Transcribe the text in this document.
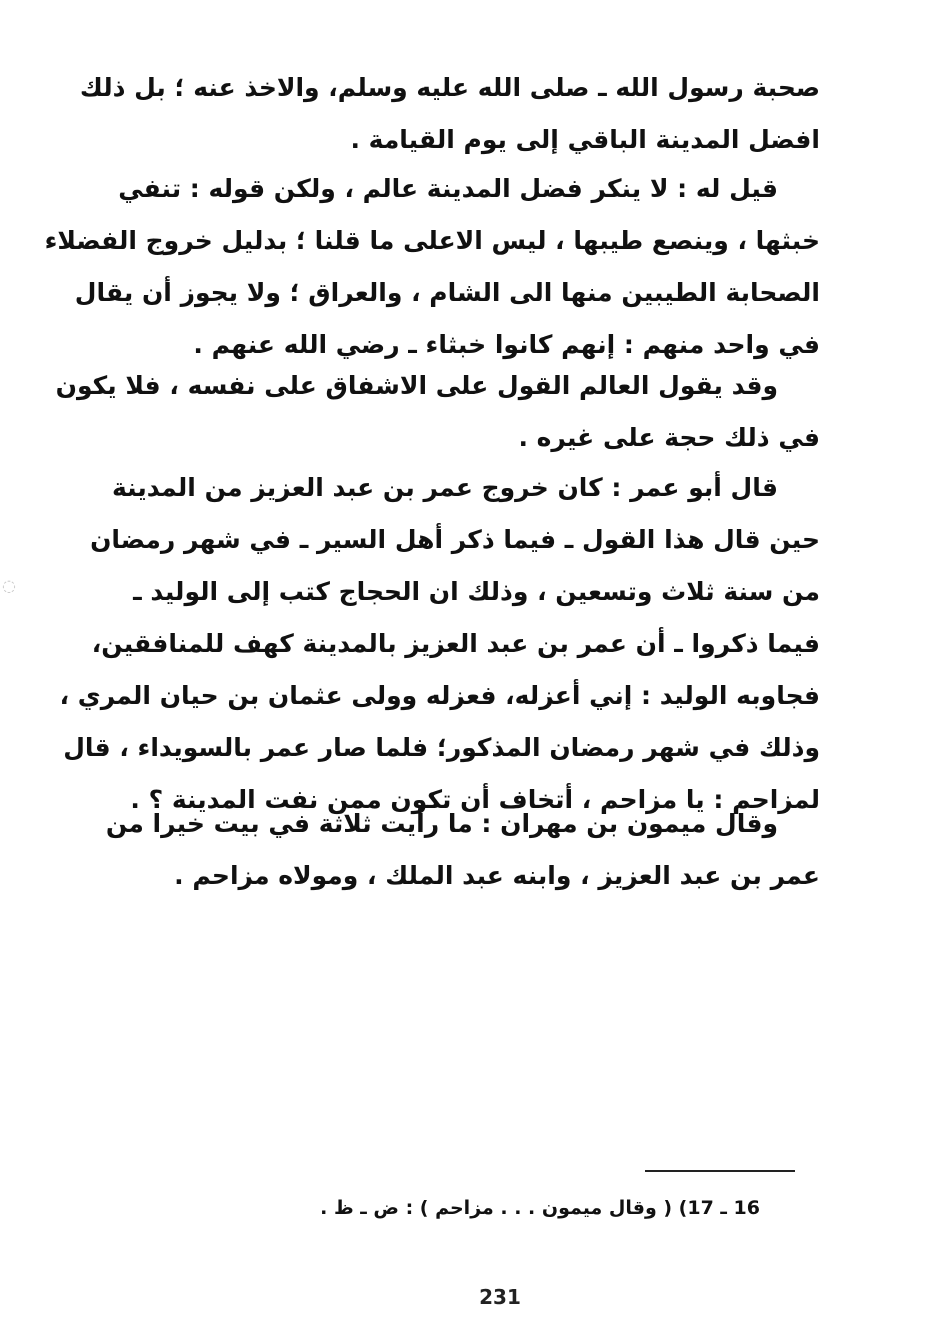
صحبة رسول الله ـ صلى الله عليه وسلم، والاخذ عنه ؛ بل ذلك
افضل المدينة الباقي إلى يوم القيامة .
قيل له : لا ينكر فضل المدينة عالم ، ولكن قوله : تنفي
خبثها ، وينصع طيبها ، ليس الاعلى ما قلنا ؛ بدليل خروج الفضلاء
الصحابة الطيبين منها الى الشام ، والعراق ؛ ولا يجوز أن يقال
في واحد منهم : إنهم كانوا خبثاء ـ رضي الله عنهم .
وقد يقول العالم القول على الاشفاق على نفسه ، فلا يكون
في ذلك حجة على غيره .
قال أبو عمر : كان خروج عمر بن عبد العزيز من المدينة
حين قال هذا القول ـ فيما ذكر أهل السير ـ في شهر رمضان
من سنة ثلاث وتسعين ، وذلك ان الحجاج كتب إلى الوليد ـ
فيما ذكروا ـ أن عمر بن عبد العزيز بالمدينة كهف للمنافقين،
فجاوبه الوليد : إني أعزله، فعزله وولى عثمان بن حيان المري ،
وذلك في شهر رمضان المذكور؛ فلما صار عمر بالسويداء ، قال
لمزاحم : يا مزاحم ، أتخاف أن تكون ممن نفت المدينة ؟ .
وقال ميمون بن مهران : ما رأيت ثلاثة في بيت خيرا من
عمر بن عبد العزيز ، وابنه عبد الملك ، ومولاه مزاحم .
16 ـ 17) ( وقال ميمون . . . مزاحم ) : ض ـ ظ .
231
◌
